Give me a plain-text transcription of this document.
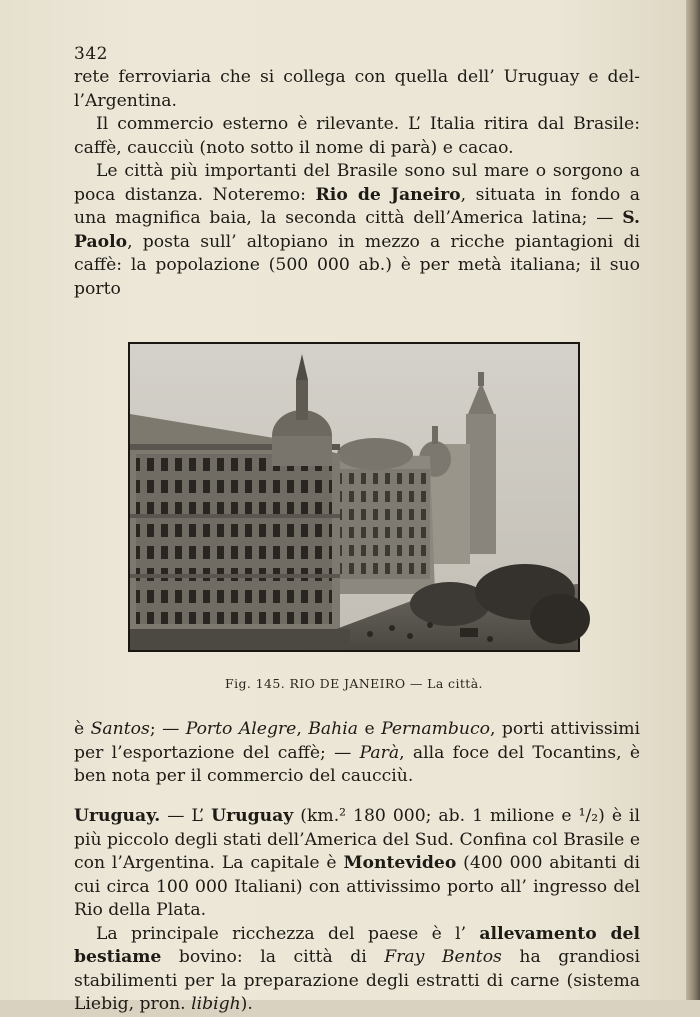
342

rete ferroviaria che si collega con quella dell’ Uruguay e del-l’Argentina.

Il commercio esterno è rilevante. L’ Italia ritira dal Brasile: caffè, caucciù (noto sotto il nome di parà) e cacao.

Le città più importanti del Brasile sono sul mare o sorgono a poca distanza. Noteremo: Rio de Janeiro, situata in fondo a una magnifica baia, la seconda città dell’America latina; — S. Paolo, posta sull’ altopiano in mezzo a ricche piantagioni di caffè: la popolazione (500 000 ab.) è per metà italiana; il suo porto

Fig. 145. RIO DE JANEIRO — La città.

è Santos; — Porto Alegre, Bahia e Pernambuco, porti attivissimi per l’esportazione del caffè; — Parà, alla foce del Tocantins, è ben nota per il commercio del caucciù.

Uruguay. — L’ Uruguay (km.² 180 000; ab. 1 milione e ¹/₂) è il più piccolo degli stati dell’America del Sud. Confina col Brasile e con l’Argentina. La capitale è Montevideo (400 000 abitanti di cui circa 100 000 Italiani) con attivissimo porto all’ ingresso del Rio della Plata.

La principale ricchezza del paese è l’ allevamento del bestiame bovino: la città di Fray Bentos ha grandiosi stabilimenti per la preparazione degli estratti di carne (sistema Liebig, pron. libigh).
